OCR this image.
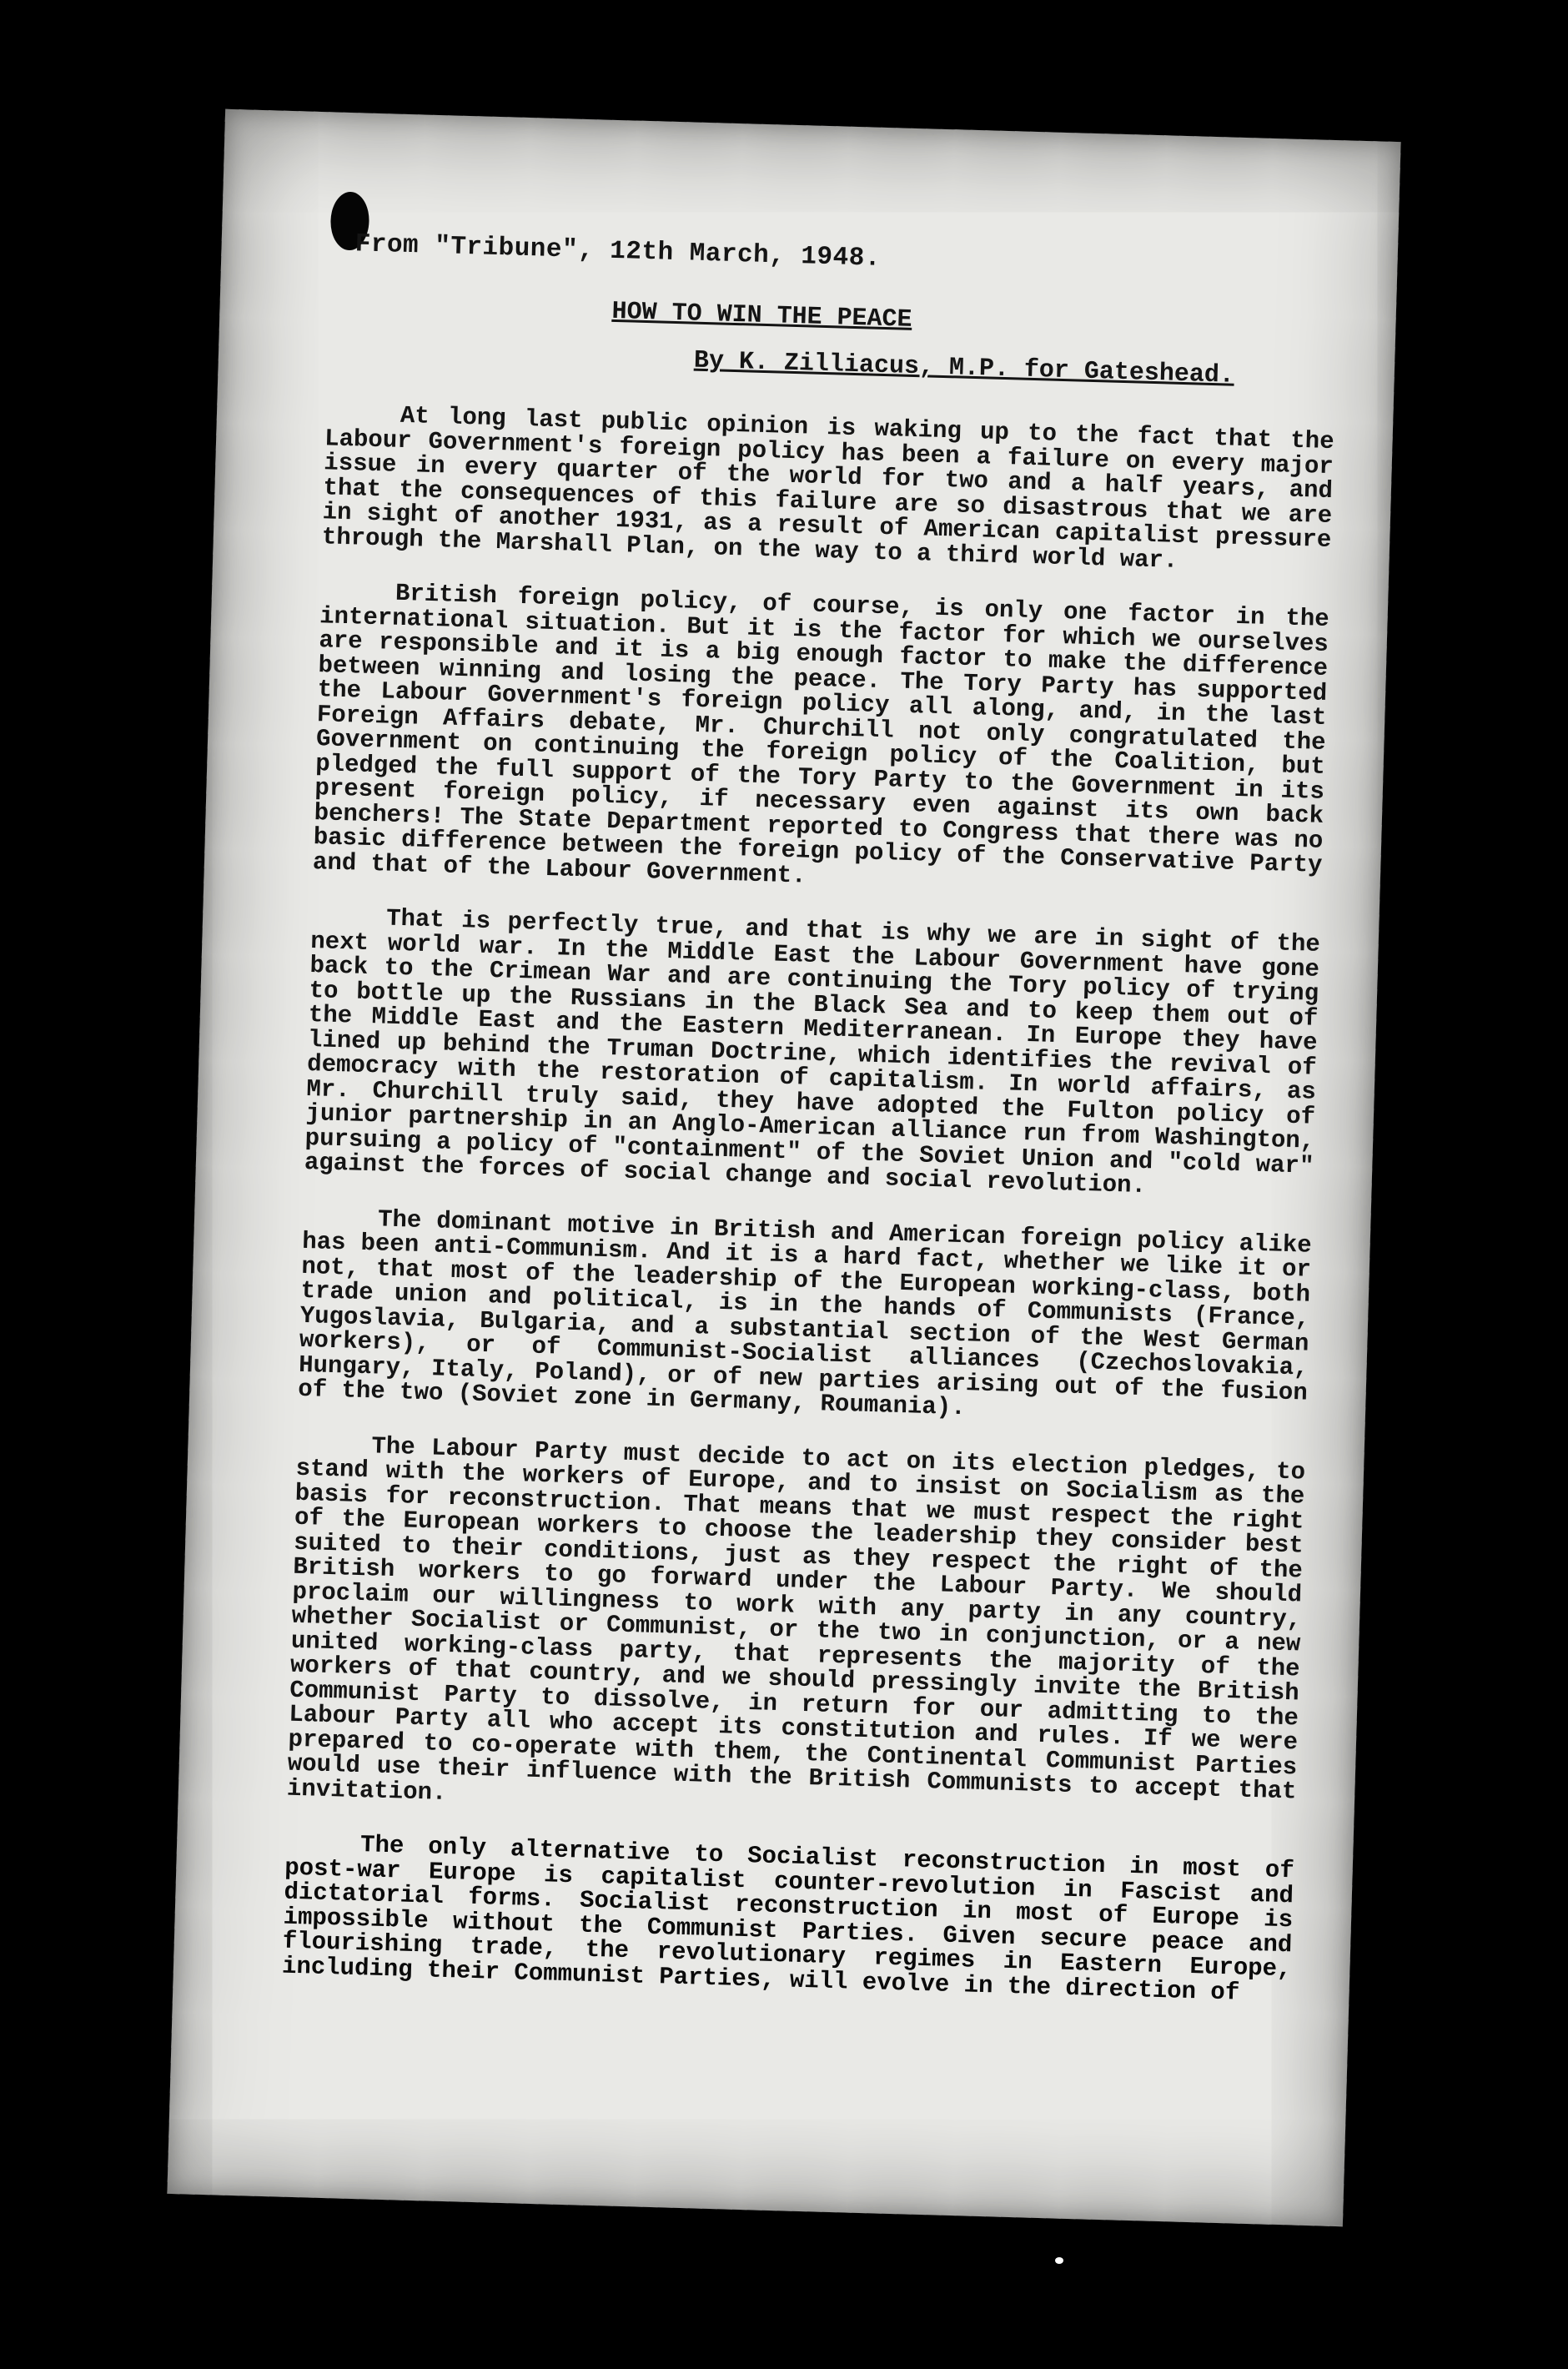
From "Tribune", 12th March, 1948.
HOW TO WIN THE PEACE
By K. Zilliacus, M.P. for Gateshead.

At long last public opinion is waking up to the fact that the Labour Government's foreign policy has been a failure on every major issue in every quarter of the world for two and a half years, and that the consequences of this failure are so disastrous that we are in sight of another 1931, as a result of American capitalist pressure through the Marshall Plan, on the way to a third world war.

British foreign policy, of course, is only one factor in the international situation. But it is the factor for which we ourselves are responsible and it is a big enough factor to make the difference between winning and losing the peace. The Tory Party has supported the Labour Government's foreign policy all along, and, in the last Foreign Affairs debate, Mr. Churchill not only congratulated the Government on continuing the foreign policy of the Coalition, but pledged the full support of the Tory Party to the Government in its present foreign policy, if necessary even against its own back benchers! The State Department reported to Congress that there was no basic difference between the foreign policy of the Conservative Party and that of the Labour Government.

That is perfectly true, and that is why we are in sight of the next world war. In the Middle East the Labour Government have gone back to the Crimean War and are continuing the Tory policy of trying to bottle up the Russians in the Black Sea and to keep them out of the Middle East and the Eastern Mediterranean. In Europe they have lined up behind the Truman Doctrine, which identifies the revival of democracy with the restoration of capitalism. In world affairs, as Mr. Churchill truly said, they have adopted the Fulton policy of junior partnership in an Anglo-American alliance run from Washington, pursuing a policy of "containment" of the Soviet Union and "cold war" against the forces of social change and social revolution.

The dominant motive in British and American foreign policy alike has been anti-Communism. And it is a hard fact, whether we like it or not, that most of the leadership of the European working-class, both trade union and political, is in the hands of Communists (France, Yugoslavia, Bulgaria, and a substantial section of the West German workers), or of Communist-Socialist alliances (Czechoslovakia, Hungary, Italy, Poland), or of new parties arising out of the fusion of the two (Soviet zone in Germany, Roumania).

The Labour Party must decide to act on its election pledges, to stand with the workers of Europe, and to insist on Socialism as the basis for reconstruction. That means that we must respect the right of the European workers to choose the leadership they consider best suited to their conditions, just as they respect the right of the British workers to go forward under the Labour Party. We should proclaim our willingness to work with any party in any country, whether Socialist or Communist, or the two in conjunction, or a new united working-class party, that represents the majority of the workers of that country, and we should pressingly invite the British Communist Party to dissolve, in return for our admitting to the Labour Party all who accept its constitution and rules. If we were prepared to co-operate with them, the Continental Communist Parties would use their influence with the British Communists to accept that invitation.

The only alternative to Socialist reconstruction in most of post-war Europe is capitalist counter-revolution in Fascist and dictatorial forms. Socialist reconstruction in most of Europe is impossible without the Communist Parties. Given secure peace and flourishing trade, the revolutionary regimes in Eastern Europe, including their Communist Parties, will evolve in the direction of
